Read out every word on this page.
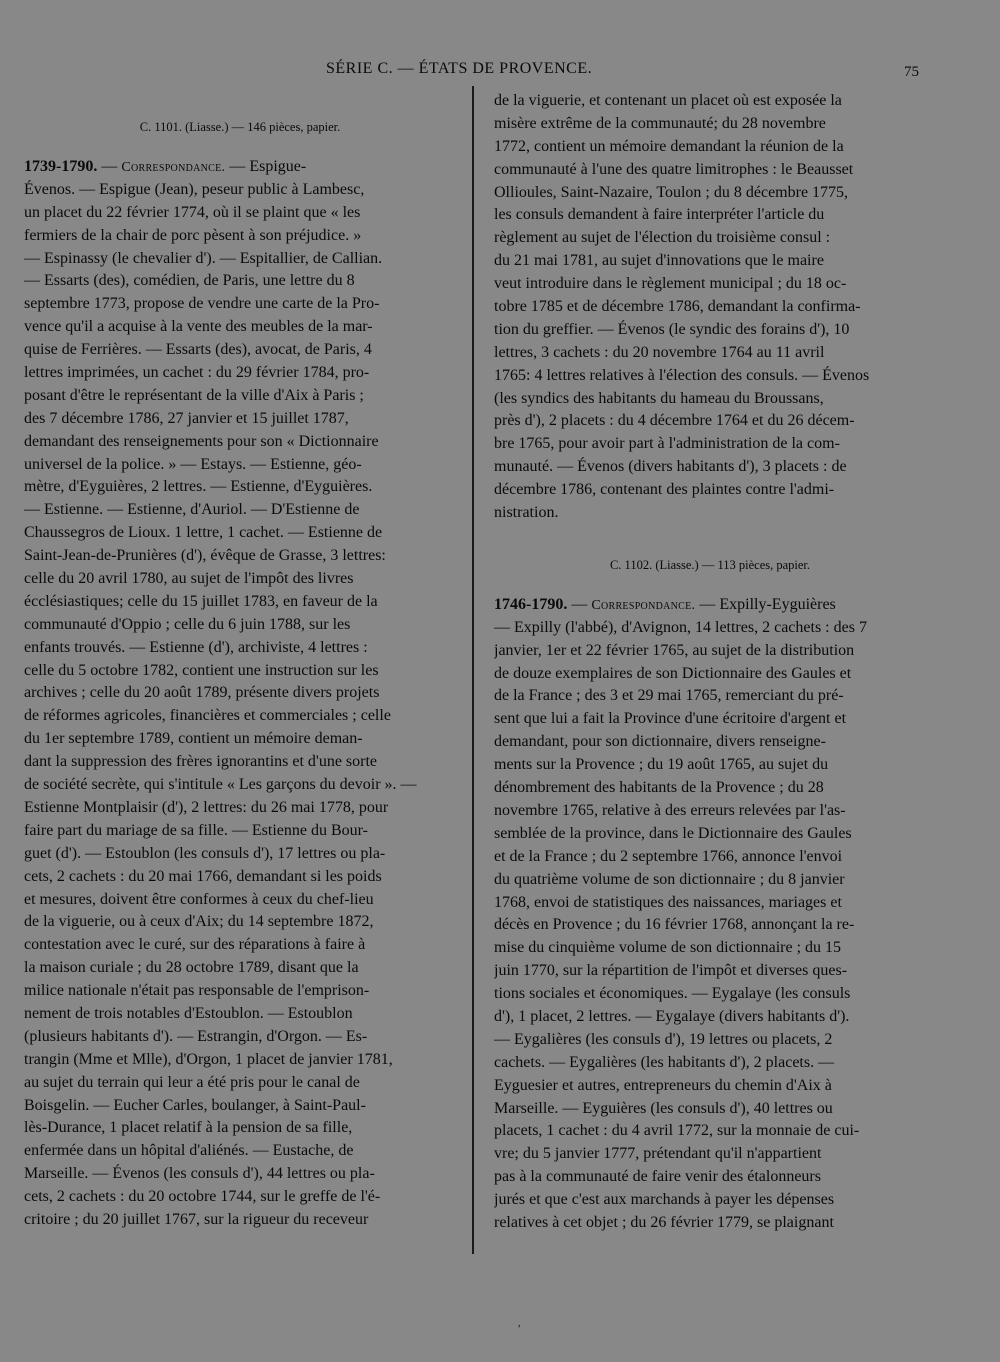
SÉRIE C. — ÉTATS DE PROVENCE.	75
C. 1101. (Liasse.) — 146 pièces, papier.
1739-1790. — Correspondance. — Espigue-
Évenos. — Espigue (Jean), peseur public à Lambesc,
un placet du 22 février 1774, où il se plaint que « les
fermiers de la chair de porc pèsent à son préjudice. »
— Espinassy (le chevalier d'). — Espitallier, de Callian.
— Essarts (des), comédien, de Paris, une lettre du 8
septembre 1773, propose de vendre une carte de la Pro-
vence qu'il a acquise à la vente des meubles de la mar-
quise de Ferrières. — Essarts (des), avocat, de Paris, 4
lettres imprimées, un cachet : du 29 février 1784, pro-
posant d'être le représentant de la ville d'Aix à Paris ;
des 7 décembre 1786, 27 janvier et 15 juillet 1787,
demandant des renseignements pour son « Dictionnaire
universel de la police. » — Estays. — Estienne, géo-
mètre, d'Eyguières, 2 lettres. — Estienne, d'Eyguières.
— Estienne. — Estienne, d'Auriol. — D'Estienne de
Chaussegros de Lioux. 1 lettre, 1 cachet. — Estienne de
Saint-Jean-de-Prunières (d'), évêque de Grasse, 3 lettres:
celle du 20 avril 1780, au sujet de l'impôt des livres
écclésiastiques; celle du 15 juillet 1783, en faveur de la
communauté d'Oppio ; celle du 6 juin 1788, sur les
enfants trouvés. — Estienne (d'), archiviste, 4 lettres :
celle du 5 octobre 1782, contient une instruction sur les
archives ; celle du 20 août 1789, présente divers projets
de réformes agricoles, financières et commerciales ; celle
du 1er septembre 1789, contient un mémoire deman-
dant la suppression des frères ignorantins et d'une sorte
de société secrète, qui s'intitule « Les garçons du devoir ». —
Estienne Montplaisir (d'), 2 lettres: du 26 mai 1778, pour
faire part du mariage de sa fille. — Estienne du Bour-
guet (d'). — Estoublon (les consuls d'), 17 lettres ou pla-
cets, 2 cachets : du 20 mai 1766, demandant si les poids
et mesures, doivent être conformes à ceux du chef-lieu
de la viguerie, ou à ceux d'Aix; du 14 septembre 1872,
contestation avec le curé, sur des réparations à faire à
la maison curiale ; du 28 octobre 1789, disant que la
milice nationale n'était pas responsable de l'emprison-
nement de trois notables d'Estoublon. — Estoublon
(plusieurs habitants d'). — Estrangin, d'Orgon. — Es-
trangin (Mme et Mlle), d'Orgon, 1 placet de janvier 1781,
au sujet du terrain qui leur a été pris pour le canal de
Boisgelin. — Eucher Carles, boulanger, à Saint-Paul-
lès-Durance, 1 placet relatif à la pension de sa fille,
enfermée dans un hôpital d'aliénés. — Eustache, de
Marseille. — Évenos (les consuls d'), 44 lettres ou pla-
cets, 2 cachets : du 20 octobre 1744, sur le greffe de l'é-
critoire ; du 20 juillet 1767, sur la rigueur du receveur
de la viguerie, et contenant un placet où est exposée la
misère extrême de la communauté; du 28 novembre
1772, contient un mémoire demandant la réunion de la
communauté à l'une des quatre limitrophes : le Beausset
Ollioules, Saint-Nazaire, Toulon ; du 8 décembre 1775,
les consuls demandent à faire interpréter l'article du
règlement au sujet de l'élection du troisième consul :
du 21 mai 1781, au sujet d'innovations que le maire
veut introduire dans le règlement municipal ; du 18 oc-
tobre 1785 et de décembre 1786, demandant la confirma-
tion du greffier. — Évenos (le syndic des forains d'), 10
lettres, 3 cachets : du 20 novembre 1764 au 11 avril
1765: 4 lettres relatives à l'élection des consuls. — Évenos
(les syndics des habitants du hameau du Broussans,
près d'), 2 placets : du 4 décembre 1764 et du 26 décem-
bre 1765, pour avoir part à l'administration de la com-
munauté. — Évenos (divers habitants d'), 3 placets : de
décembre 1786, contenant des plaintes contre l'admi-
nistration.
C. 1102. (Liasse.) — 113 pièces, papier.
1746-1790. — Correspondance. — Expilly-Eyguières
— Expilly (l'abbé), d'Avignon, 14 lettres, 2 cachets : des 7
janvier, 1er et 22 février 1765, au sujet de la distribution
de douze exemplaires de son Dictionnaire des Gaules et
de la France ; des 3 et 29 mai 1765, remerciant du pré-
sent que lui a fait la Province d'une écritoire d'argent et
demandant, pour son dictionnaire, divers renseigne-
ments sur la Provence ; du 19 août 1765, au sujet du
dénombrement des habitants de la Provence ; du 28
novembre 1765, relative à des erreurs relevées par l'as-
semblée de la province, dans le Dictionnaire des Gaules
et de la France ; du 2 septembre 1766, annonce l'envoi
du quatrième volume de son dictionnaire ; du 8 janvier
1768, envoi de statistiques des naissances, mariages et
décès en Provence ; du 16 février 1768, annonçant la re-
mise du cinquième volume de son dictionnaire ; du 15
juin 1770, sur la répartition de l'impôt et diverses ques-
tions sociales et économiques. — Eygalaye (les consuls
d'), 1 placet, 2 lettres. — Eygalaye (divers habitants d').
— Eygalières (les consuls d'), 19 lettres ou placets, 2
cachets. — Eygalières (les habitants d'), 2 placets. —
Eyguesier et autres, entrepreneurs du chemin d'Aix à
Marseille. — Eyguières (les consuls d'), 40 lettres ou
placets, 1 cachet : du 4 avril 1772, sur la monnaie de cui-
vre; du 5 janvier 1777, prétendant qu'il n'appartient
pas à la communauté de faire venir des étalonneurs
jurés et que c'est aux marchands à payer les dépenses
relatives à cet objet ; du 26 février 1779, se plaignant
,
